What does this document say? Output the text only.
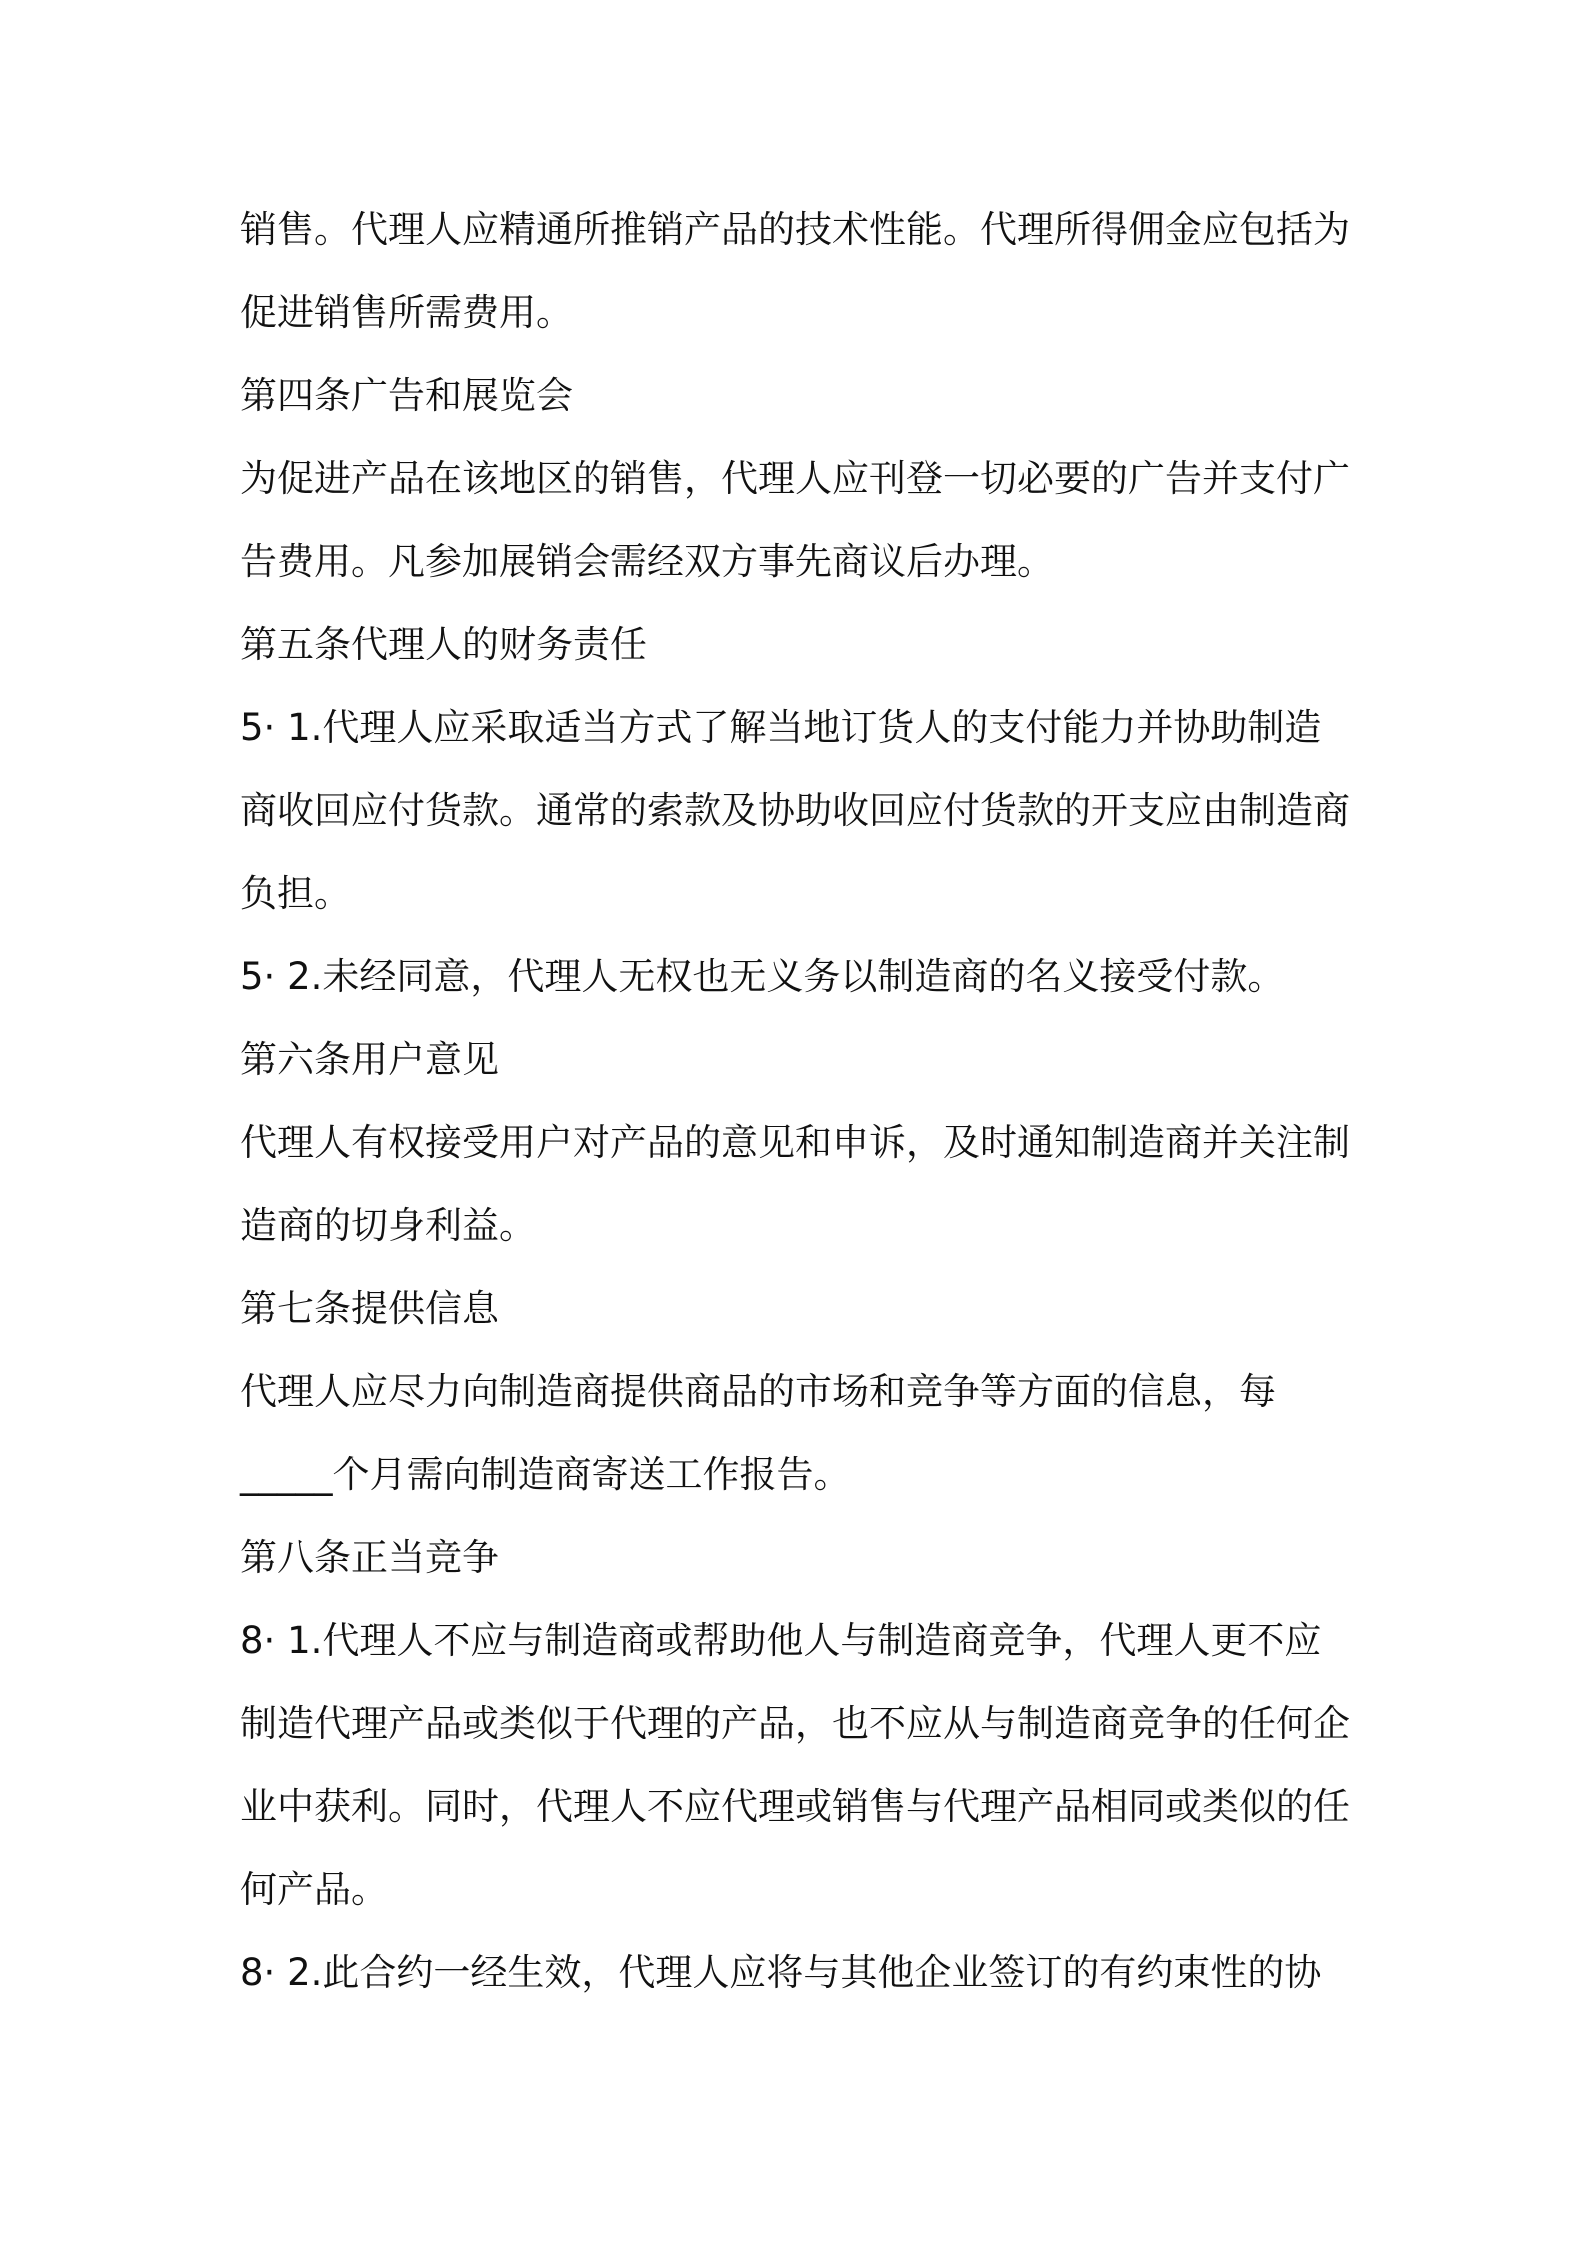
销售。代理人应精通所推销产品的技术性能。代理所得佣金应包括为
促进销售所需费用。
第四条广告和展览会
为促进产品在该地区的销售，代理人应刊登一切必要的广告并支付广
告费用。凡参加展销会需经双方事先商议后办理。
第五条代理人的财务责任
5· 1.代理人应采取适当方式了解当地订货人的支付能力并协助制造
商收回应付货款。通常的索款及协助收回应付货款的开支应由制造商
负担。
5· 2.未经同意，代理人无权也无义务以制造商的名义接受付款。
第六条用户意见
代理人有权接受用户对产品的意见和申诉，及时通知制造商并关注制
造商的切身利益。
第七条提供信息
代理人应尽力向制造商提供商品的市场和竞争等方面的信息，每
_____个月需向制造商寄送工作报告。
第八条正当竞争
8· 1.代理人不应与制造商或帮助他人与制造商竞争，代理人更不应
制造代理产品或类似于代理的产品，也不应从与制造商竞争的任何企
业中获利。同时，代理人不应代理或销售与代理产品相同或类似的任
何产品。
8· 2.此合约一经生效，代理人应将与其他企业签订的有约束性的协
